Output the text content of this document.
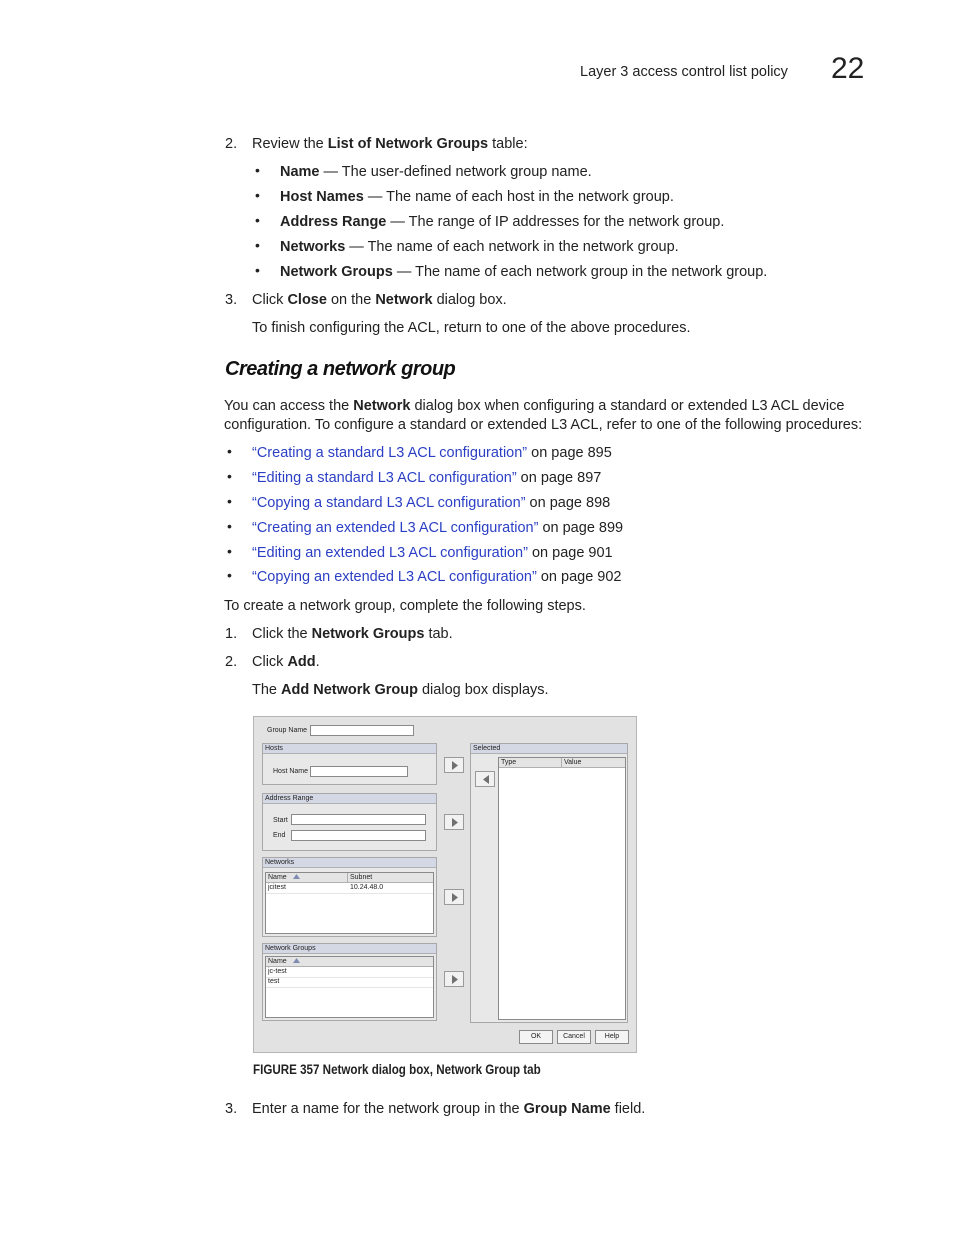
Layer 3 access control list policy 22
2. Review the List of Network Groups table:
• Name — The user-defined network group name.
• Host Names — The name of each host in the network group.
• Address Range — The range of IP addresses for the network group.
• Networks — The name of each network in the network group.
• Network Groups — The name of each network group in the network group.
3. Click Close on the Network dialog box.
To finish configuring the ACL, return to one of the above procedures.
Creating a network group
You can access the Network dialog box when configuring a standard or extended L3 ACL device
configuration. To configure a standard or extended L3 ACL, refer to one of the following procedures:
• “Creating a standard L3 ACL configuration” on page 895
• “Editing a standard L3 ACL configuration” on page 897
• “Copying a standard L3 ACL configuration” on page 898
• “Creating an extended L3 ACL configuration” on page 899
• “Editing an extended L3 ACL configuration” on page 901
• “Copying an extended L3 ACL configuration” on page 902
To create a network group, complete the following steps.
1. Click the Network Groups tab.
2. Click Add.
The Add Network Group dialog box displays.
Group Name
Hosts
Host Name
Address Range
Start
End
Networks
Name	Subnet
jcitest	10.24.48.0
Network Groups
Name
jc-test
test
Selected
Type	Value
OK	Cancel	Help
FIGURE 357 Network dialog box, Network Group tab
3. Enter a name for the network group in the Group Name field.
